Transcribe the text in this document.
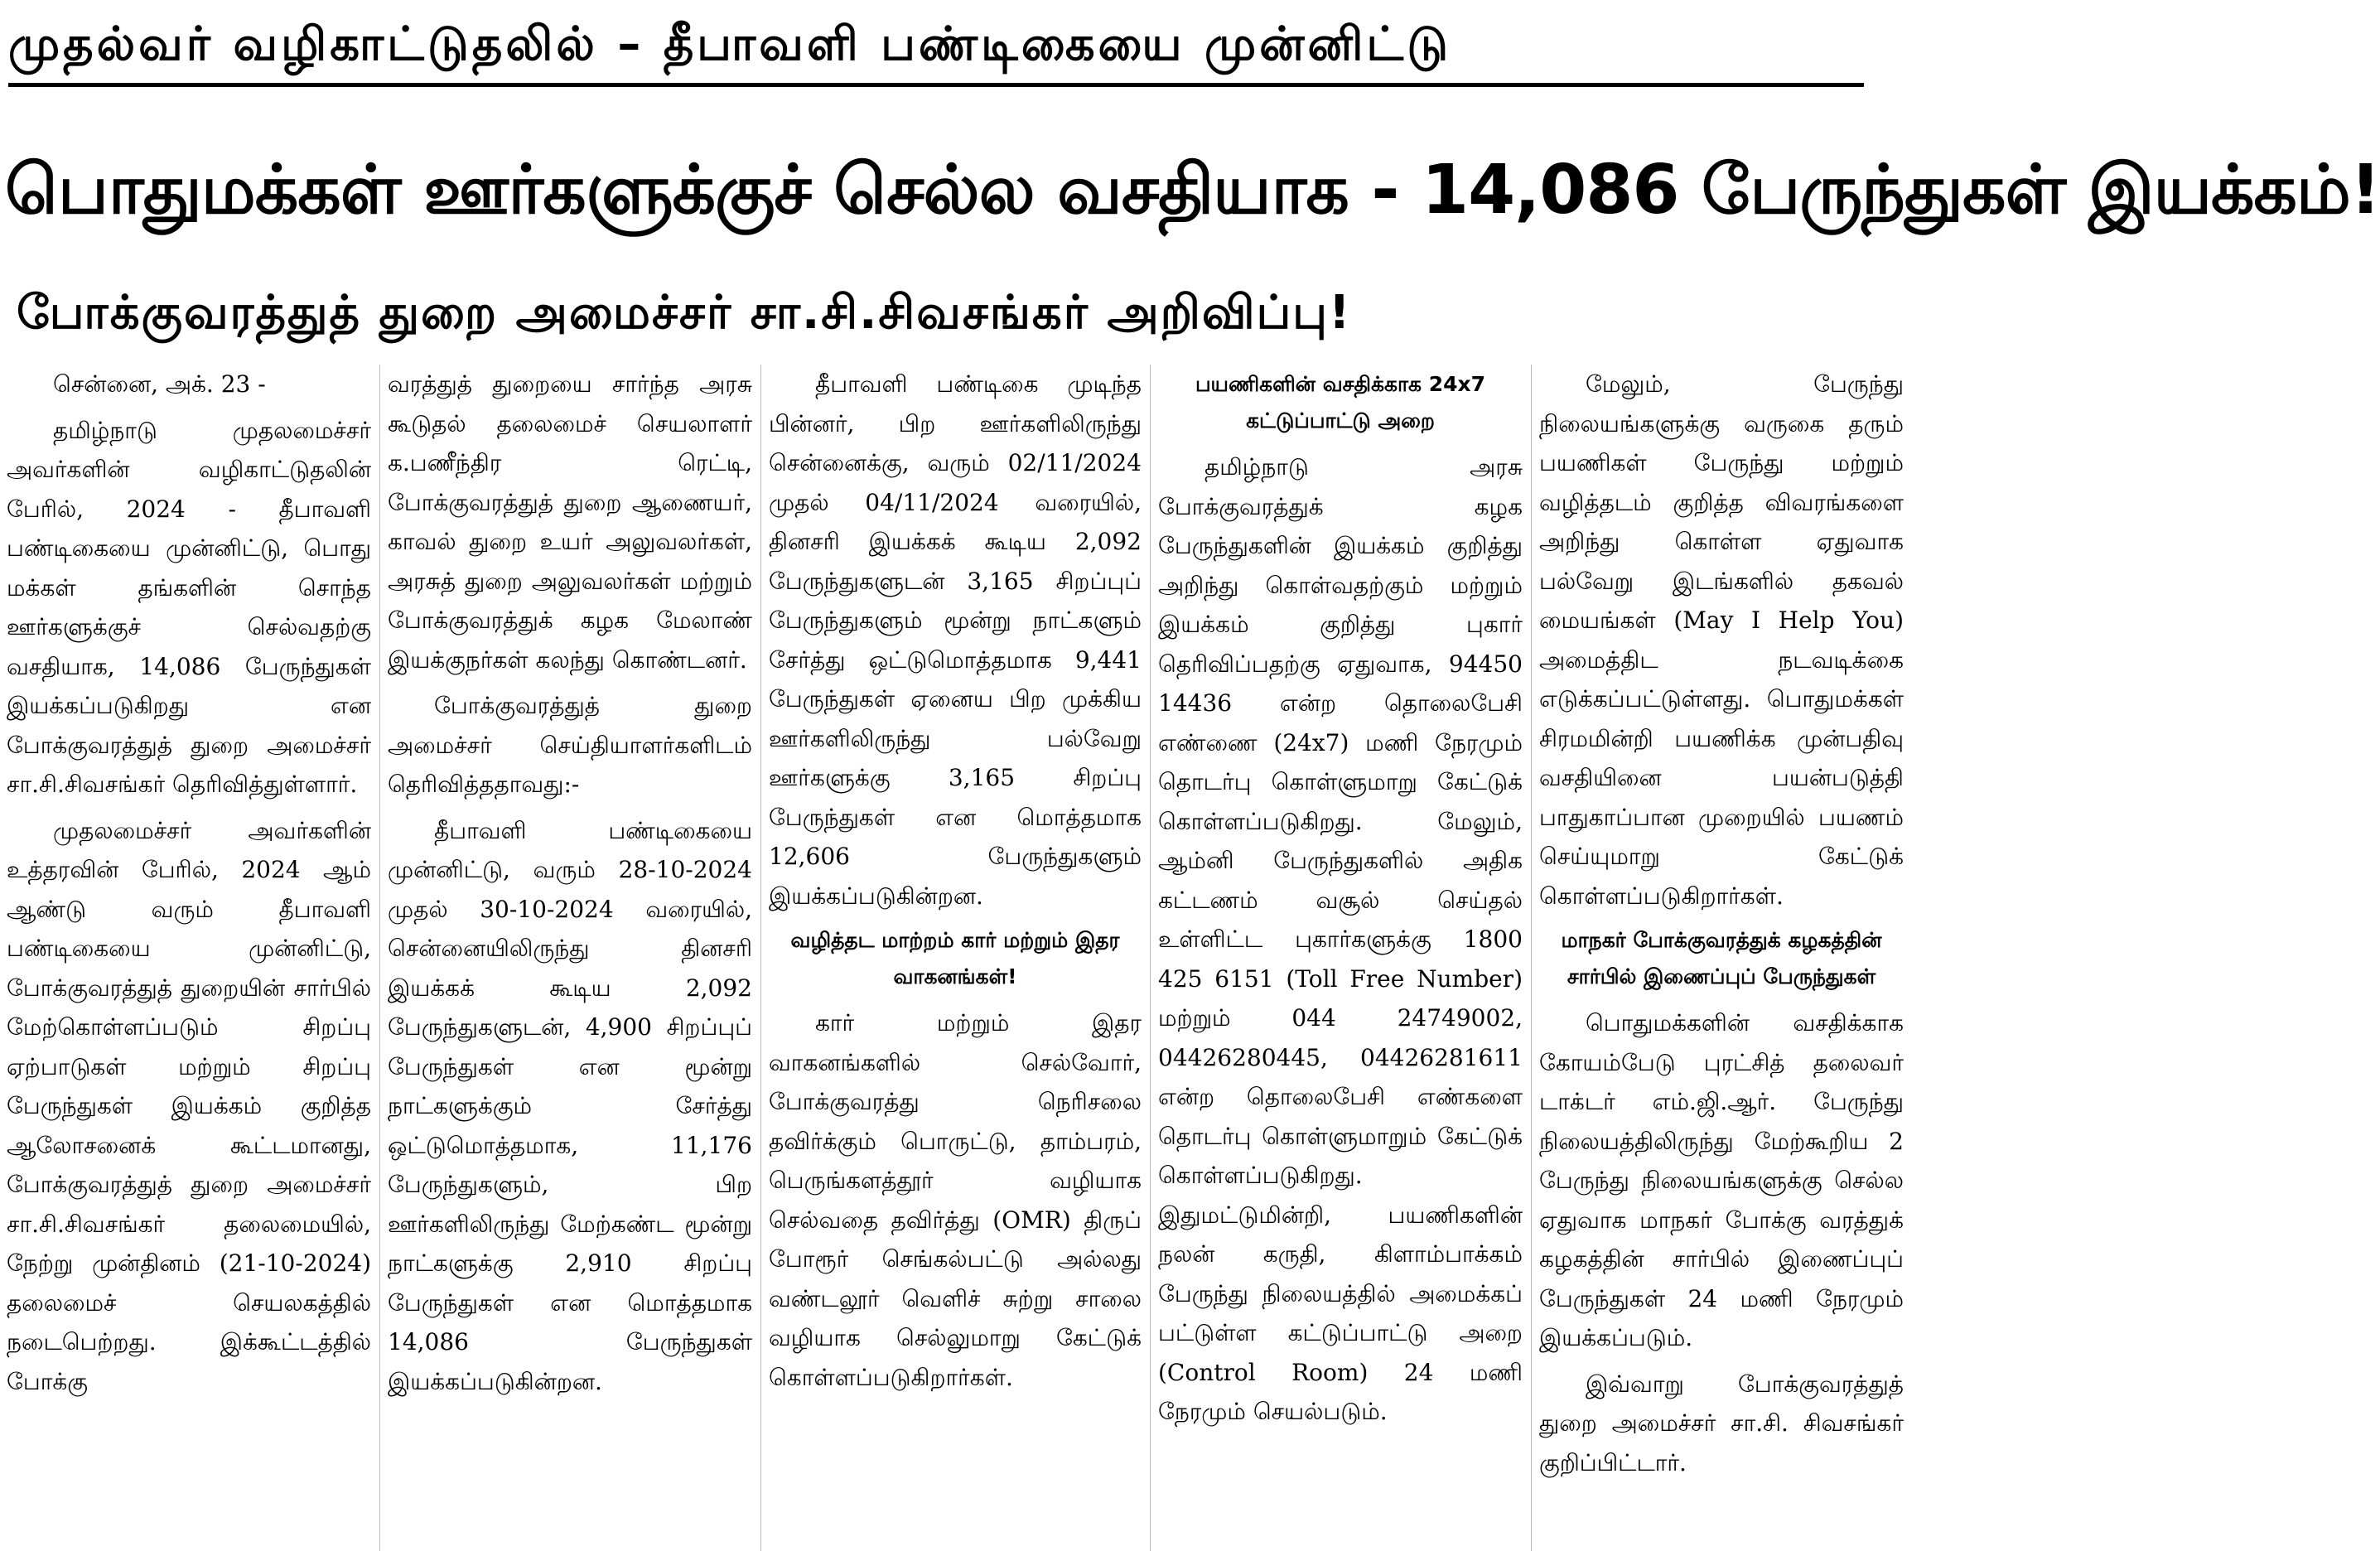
முதல்வர் வழிகாட்டுதலில் – தீபாவளி பண்டிகையை முன்னிட்டு
பொதுமக்கள் ஊர்களுக்குச் செல்ல வசதியாக - 14,086 பேருந்துகள் இயக்கம்!
போக்குவரத்துத் துறை அமைச்சர் சா.சி.சிவசங்கர் அறிவிப்பு!

சென்னை, அக். 23 -

தமிழ்நாடு முதலமைச்சர் அவர்களின் வழிகாட்டுதலின் பேரில், 2024 - தீபாவளி பண்டிகையை முன்னிட்டு, பொது மக்கள் தங்களின் சொந்த ஊர்களுக்குச் செல்வதற்கு வசதியாக, 14,086 பேருந்துகள் இயக்கப்படுகிறது என போக்குவரத்துத் துறை அமைச்சர் சா.சி.சிவசங்கர் தெரிவித்துள்ளார்.

முதலமைச்சர் அவர்களின் உத்தரவின் பேரில், 2024 ஆம் ஆண்டு வரும் தீபாவளி பண்டிகையை முன்னிட்டு, போக்குவரத்துத் துறையின் சார்பில் மேற்கொள்ளப்படும் சிறப்பு ஏற்பாடுகள் மற்றும் சிறப்பு பேருந்துகள் இயக்கம் குறித்த ஆலோசனைக் கூட்டமானது, போக்குவரத்துத் துறை அமைச்சர் சா.சி.சிவசங்கர் தலைமையில், நேற்று முன்தினம் (21-10-2024) தலைமைச் செயலகத்தில் நடைபெற்றது. இக்கூட்டத்தில் போக்கு

வரத்துத் துறையை சார்ந்த அரசு கூடுதல் தலைமைச் செயலாளர் க.பணீந்திர ரெட்டி, போக்குவரத்துத் துறை ஆணையர், காவல் துறை உயர் அலுவலர்கள், அரசுத் துறை அலுவலர்கள் மற்றும் போக்குவரத்துக் கழக மேலாண் இயக்குநர்கள் கலந்து கொண்டனர்.

போக்குவரத்துத் துறை அமைச்சர் செய்தியாளர்களிடம் தெரிவித்ததாவது:-

தீபாவளி பண்டிகையை முன்னிட்டு, வரும் 28-10-2024 முதல் 30-10-2024 வரையில், சென்னையிலிருந்து தினசரி இயக்கக் கூடிய 2,092 பேருந்துகளுடன், 4,900 சிறப்புப் பேருந்துகள் என மூன்று நாட்களுக்கும் சேர்த்து ஒட்டுமொத்தமாக, 11,176 பேருந்துகளும், பிற ஊர்களிலிருந்து மேற்கண்ட மூன்று நாட்களுக்கு 2,910 சிறப்பு பேருந்துகள் என மொத்தமாக 14,086 பேருந்துகள் இயக்கப்படுகின்றன.

தீபாவளி பண்டிகை முடிந்த பின்னர், பிற ஊர்களிலிருந்து சென்னைக்கு, வரும் 02/11/2024 முதல் 04/11/2024 வரையில், தினசரி இயக்கக் கூடிய 2,092 பேருந்துகளுடன் 3,165 சிறப்புப் பேருந்துகளும் மூன்று நாட்களும் சேர்த்து ஒட்டுமொத்தமாக 9,441 பேருந்துகள் ஏனைய பிற முக்கிய ஊர்களிலிருந்து பல்வேறு ஊர்களுக்கு 3,165 சிறப்பு பேருந்துகள் என மொத்தமாக 12,606 பேருந்துகளும் இயக்கப்படுகின்றன.

வழித்தட மாற்றம் கார் மற்றும் இதர வாகனங்கள்!

கார் மற்றும் இதர வாகனங்களில் செல்வோர், போக்குவரத்து நெரிசலை தவிர்க்கும் பொருட்டு, தாம்பரம், பெருங்களத்தூர் வழியாக செல்வதை தவிர்த்து (OMR) திருப் போரூர் செங்கல்பட்டு அல்லது வண்டலூர் வெளிச் சுற்று சாலை வழியாக செல்லுமாறு கேட்டுக் கொள்ளப்படுகிறார்கள்.

பயணிகளின் வசதிக்காக 24x7 கட்டுப்பாட்டு அறை

தமிழ்நாடு அரசு போக்குவரத்துக் கழக பேருந்துகளின் இயக்கம் குறித்து அறிந்து கொள்வதற்கும் மற்றும் இயக்கம் குறித்து புகார் தெரிவிப்பதற்கு ஏதுவாக, 94450 14436 என்ற தொலைபேசி எண்ணை (24x7) மணி நேரமும் தொடர்பு கொள்ளுமாறு கேட்டுக் கொள்ளப்படுகிறது. மேலும், ஆம்னி பேருந்துகளில் அதிக கட்டணம் வசூல் செய்தல் உள்ளிட்ட புகார்களுக்கு 1800 425 6151 (Toll Free Number) மற்றும் 044 24749002, 04426280445, 04426281611 என்ற தொலைபேசி எண்களை தொடர்பு கொள்ளுமாறும் கேட்டுக் கொள்ளப்படுகிறது. இதுமட்டுமின்றி, பயணிகளின் நலன் கருதி, கிளாம்பாக்கம் பேருந்து நிலையத்தில் அமைக்கப் பட்டுள்ள கட்டுப்பாட்டு அறை (Control Room) 24 மணி நேரமும் செயல்படும்.

மேலும், பேருந்து நிலையங்களுக்கு வருகை தரும் பயணிகள் பேருந்து மற்றும் வழித்தடம் குறித்த விவரங்களை அறிந்து கொள்ள ஏதுவாக பல்வேறு இடங்களில் தகவல் மையங்கள் (May I Help You) அமைத்திட நடவடிக்கை எடுக்கப்பட்டுள்ளது. பொதுமக்கள் சிரமமின்றி பயணிக்க முன்பதிவு வசதியினை பயன்படுத்தி பாதுகாப்பான முறையில் பயணம் செய்யுமாறு கேட்டுக் கொள்ளப்படுகிறார்கள்.

மாநகர் போக்குவரத்துக் கழகத்தின் சார்பில் இணைப்புப் பேருந்துகள்

பொதுமக்களின் வசதிக்காக கோயம்பேடு புரட்சித் தலைவர் டாக்டர் எம்.ஜி.ஆர். பேருந்து நிலையத்திலிருந்து மேற்கூறிய 2 பேருந்து நிலையங்களுக்கு செல்ல ஏதுவாக மாநகர் போக்கு வரத்துக் கழகத்தின் சார்பில் இணைப்புப் பேருந்துகள் 24 மணி நேரமும் இயக்கப்படும்.

இவ்வாறு போக்குவரத்துத் துறை அமைச்சர் சா.சி. சிவசங்கர் குறிப்பிட்டார்.
